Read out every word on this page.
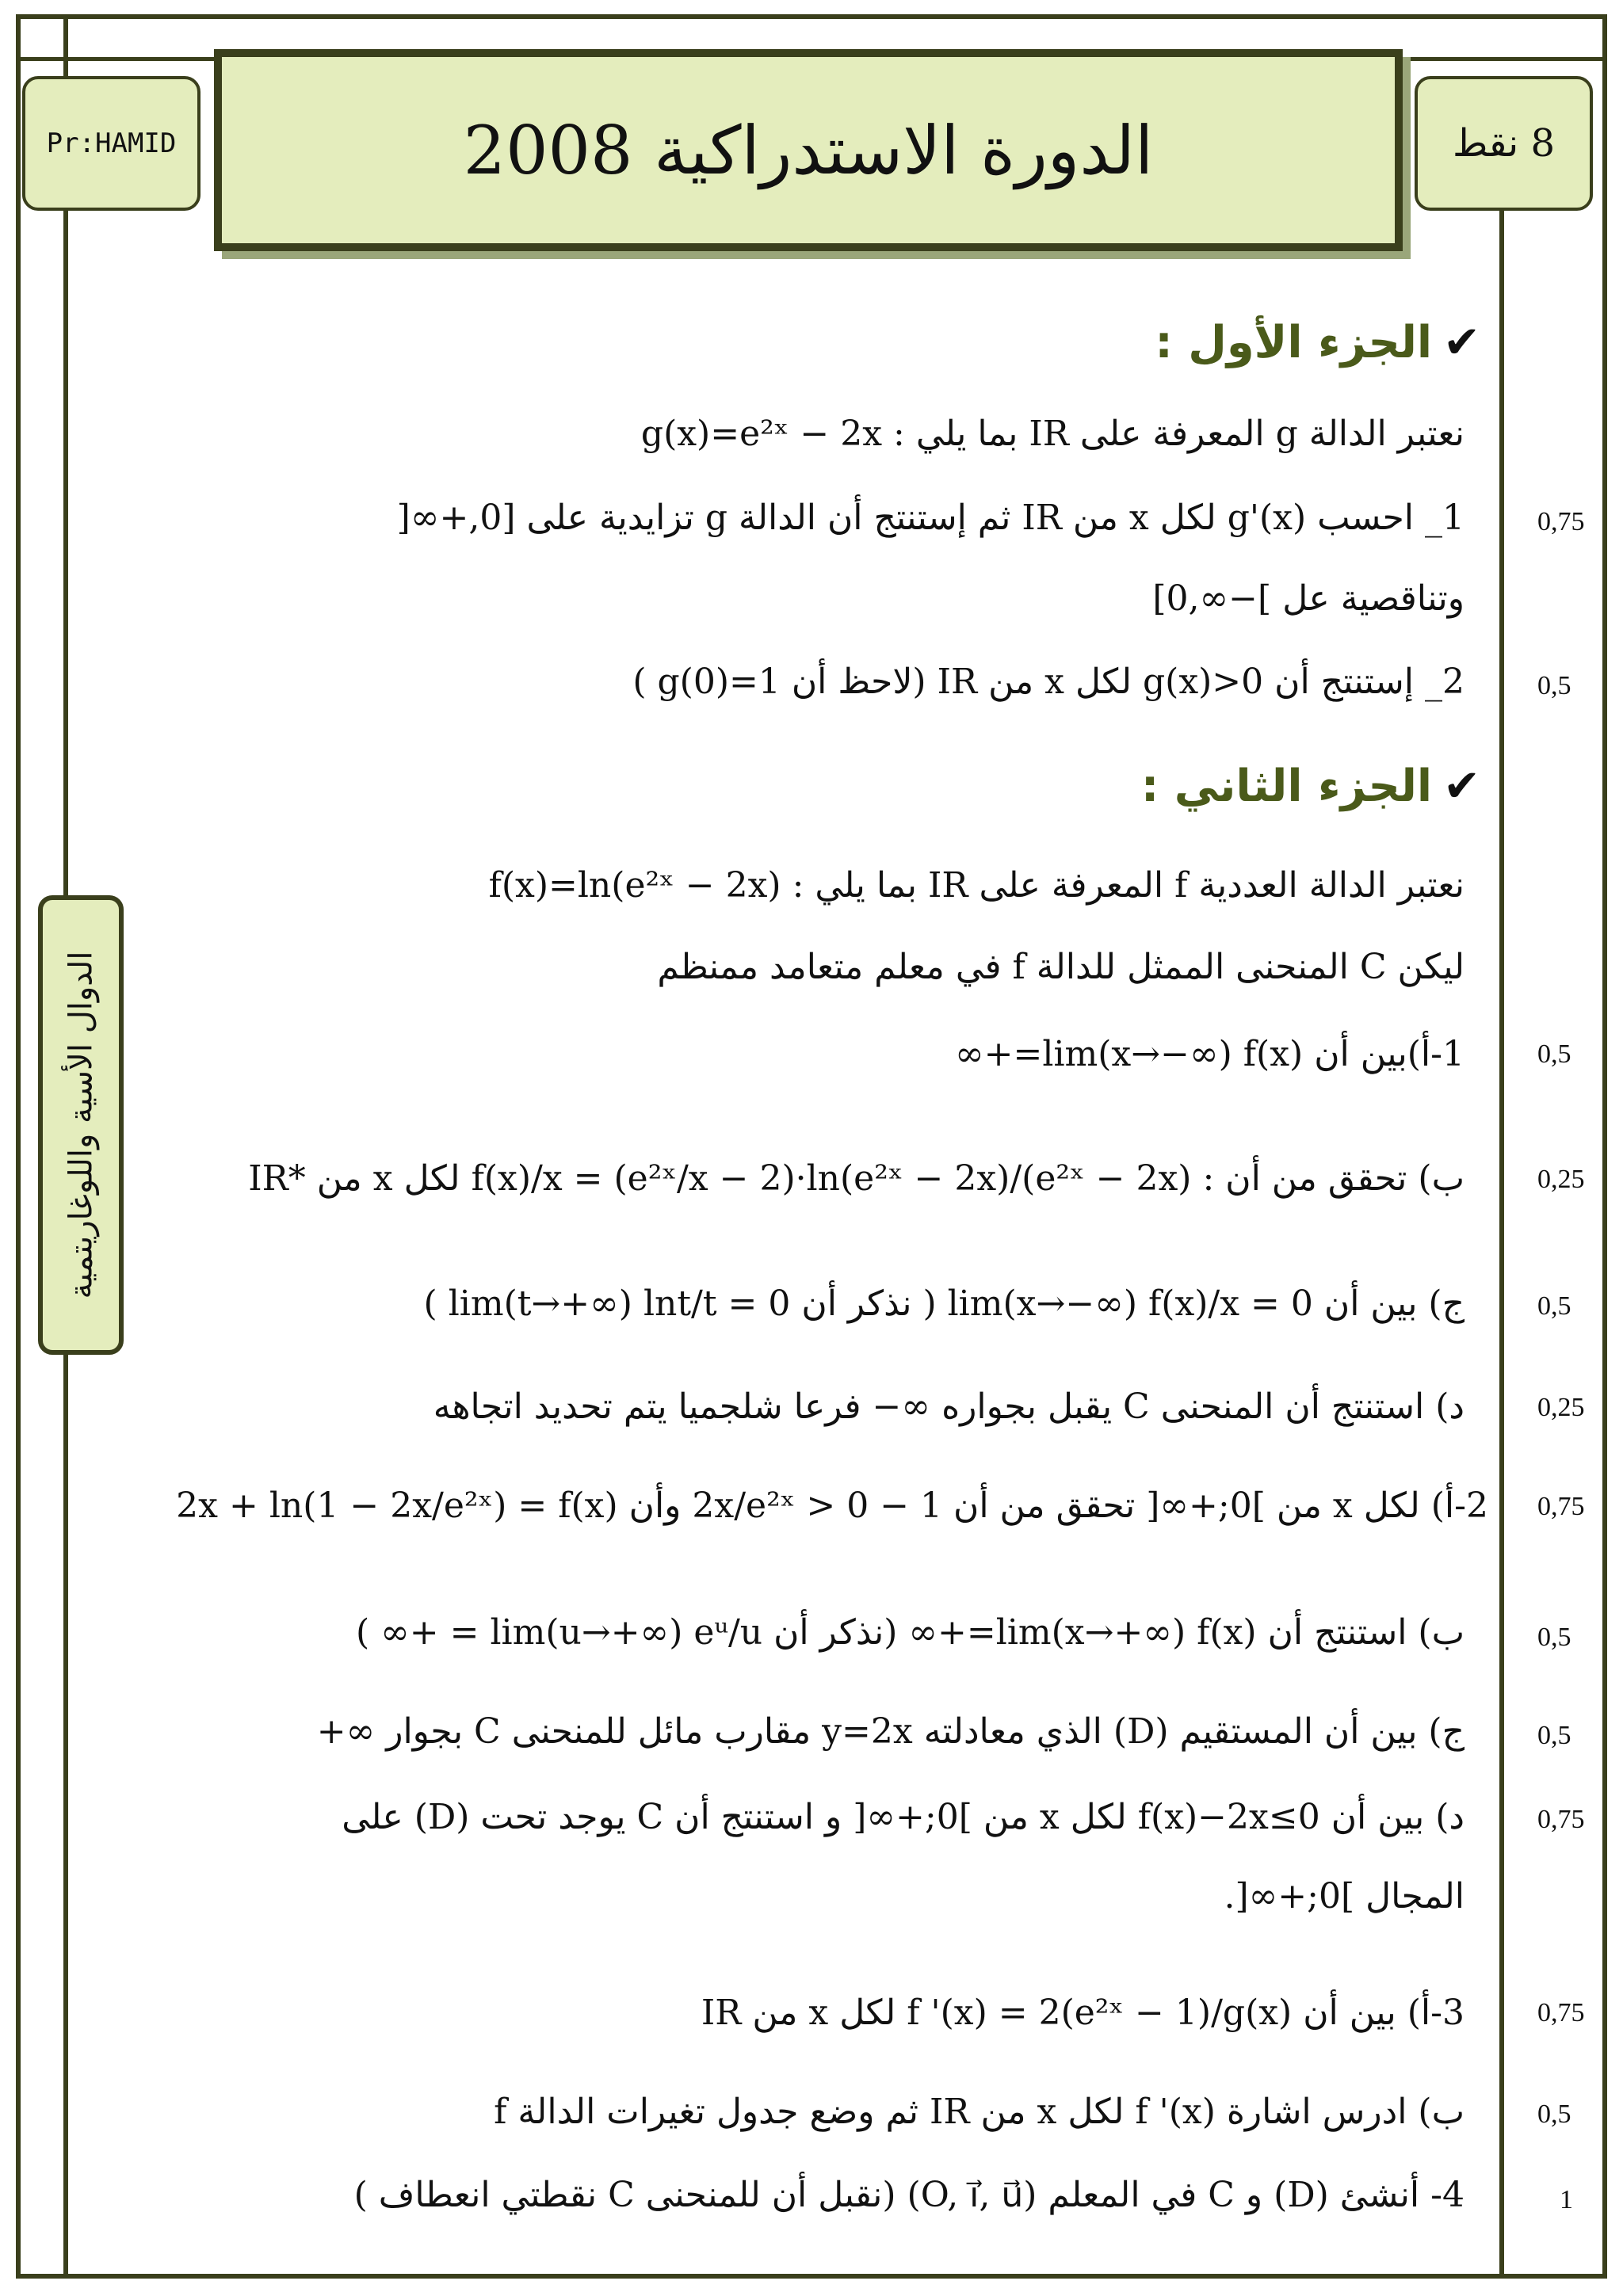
Pr:HAMID	الدورة الاستدراكية 2008	8 نقط
الدوال الأسية واللوغاريتمية
✔الجزء الأول :
نعتبر الدالة g المعرفة على IR بما يلي : g(x)=e²ˣ − 2x
1_ احسب g'(x) لكل x من IR ثم إستنتج أن الدالة g تزايدية على [0,+∞[	0,75
وتناقصية عل ]−∞,0]
2_ إستنتج أن g(x)>0 لكل x من IR (لاحظ أن g(0)=1 )	0,5
✔الجزء الثاني :
نعتبر الدالة العددية f المعرفة على IR بما يلي : f(x)=ln(e²ˣ − 2x)
ليكن C المنحنى الممثل للدالة f في معلم متعامد ممنظم
1-أ)بين أن lim(x→−∞) f(x)=+∞	0,5
ب) تحقق من أن : f(x)/x = (e²ˣ/x − 2)·ln(e²ˣ − 2x)/(e²ˣ − 2x) لكل x من *IR	0,25
ج) بين أن lim(x→−∞) f(x)/x = 0 ( نذكر أن lim(t→+∞) lnt/t = 0 )	0,5
د) استنتج أن المنحنى C يقبل بجواره ∞− فرعا شلجميا يتم تحديد اتجاهه	0,25
2-أ) لكل x من ]0;+∞[ تحقق من أن 1 − 2x/e²ˣ > 0 وأن 2x + ln(1 − 2x/e²ˣ) = f(x) 0,75
ب) استنتج أن lim(x→+∞) f(x)=+∞ (نذكر أن lim(u→+∞) eᵘ/u = +∞ )	0,5
ج) بين أن المستقيم (D) الذي معادلته y=2x مقارب مائل للمنحنى C بجوار ∞+	0,5
د) بين أن f(x)−2x≤0 لكل x من ]0;+∞[ و استنتج أن C يوجد تحت (D) على	0,75
المجال ]0;+∞[.
3-أ) بين أن f '(x) = 2(e²ˣ − 1)/g(x) لكل x من IR	0,75
ب) ادرس اشارة f '(x) لكل x من IR ثم وضع جدول تغيرات الدالة f	0,5
4- أنشئ (D) و C في المعلم (O, i⃗, u⃗) (نقبل أن للمنحنى C نقطتي انعطاف )	1
